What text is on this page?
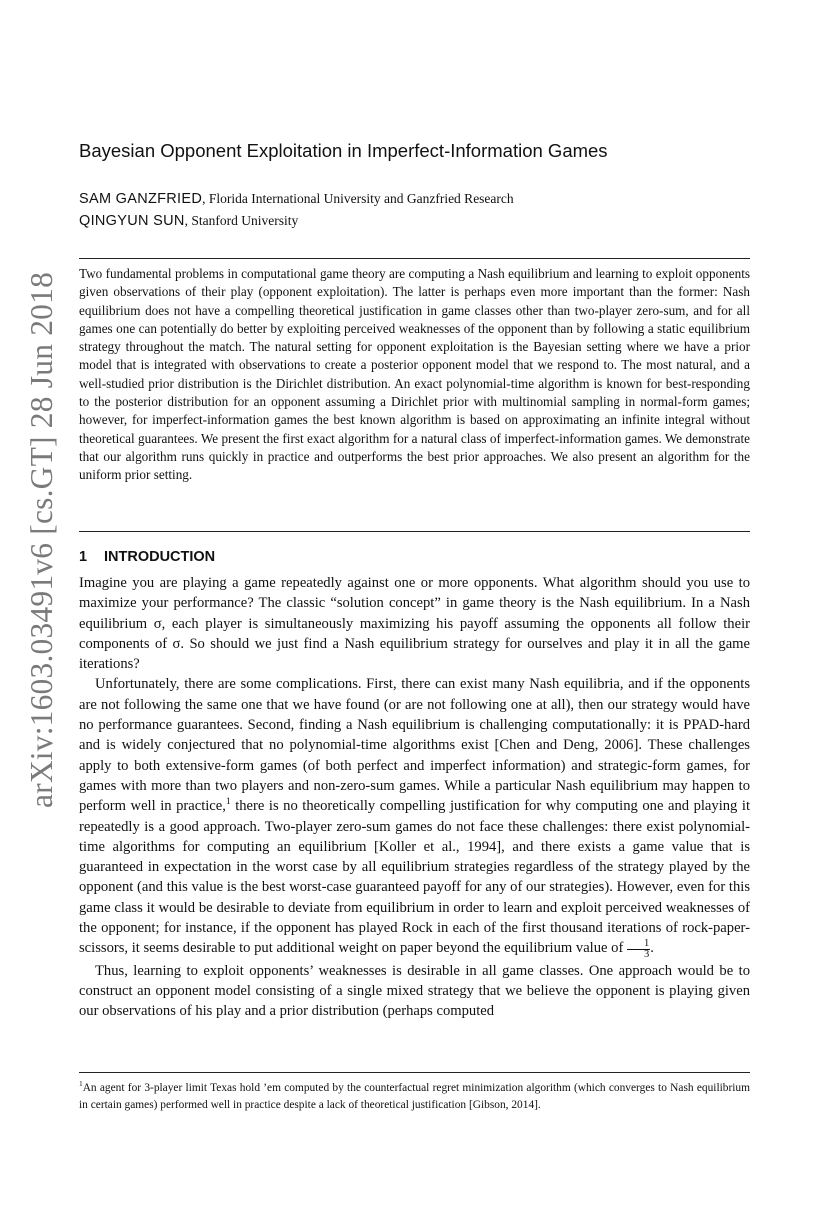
arXiv:1603.03491v6 [cs.GT] 28 Jun 2018
Bayesian Opponent Exploitation in Imperfect-Information Games
SAM GANZFRIED, Florida International University and Ganzfried Research
QINGYUN SUN, Stanford University
Two fundamental problems in computational game theory are computing a Nash equilibrium and learning to exploit opponents given observations of their play (opponent exploitation). The latter is perhaps even more important than the former: Nash equilibrium does not have a compelling theoretical justification in game classes other than two-player zero-sum, and for all games one can potentially do better by exploiting perceived weaknesses of the opponent than by following a static equilibrium strategy throughout the match. The natural setting for opponent exploitation is the Bayesian setting where we have a prior model that is integrated with observations to create a posterior opponent model that we respond to. The most natural, and a well-studied prior distribution is the Dirichlet distribution. An exact polynomial-time algorithm is known for best-responding to the posterior distribution for an opponent assuming a Dirichlet prior with multinomial sampling in normal-form games; however, for imperfect-information games the best known algorithm is based on approximating an infinite integral without theoretical guarantees. We present the first exact algorithm for a natural class of imperfect-information games. We demonstrate that our algorithm runs quickly in practice and outperforms the best prior approaches. We also present an algorithm for the uniform prior setting.
1 INTRODUCTION

Imagine you are playing a game repeatedly against one or more opponents. What algorithm should you use to maximize your performance? The classic “solution concept” in game theory is the Nash equilibrium. In a Nash equilibrium σ, each player is simultaneously maximizing his payoff assuming the opponents all follow their components of σ. So should we just find a Nash equilibrium strategy for ourselves and play it in all the game iterations?

Unfortunately, there are some complications. First, there can exist many Nash equilibria, and if the opponents are not following the same one that we have found (or are not following one at all), then our strategy would have no performance guarantees. Second, finding a Nash equilibrium is challenging computationally: it is PPAD-hard and is widely conjectured that no polynomial-time algorithms exist [Chen and Deng, 2006]. These challenges apply to both extensive-form games (of both perfect and imperfect information) and strategic-form games, for games with more than two players and non-zero-sum games. While a particular Nash equilibrium may happen to perform well in practice,$^1$ there is no theoretically compelling justification for why computing one and playing it repeatedly is a good approach. Two-player zero-sum games do not face these challenges: there exist polynomial-time algorithms for computing an equilibrium [Koller et al., 1994], and there exists a game value that is guaranteed in expectation in the worst case by all equilibrium strategies regardless of the strategy played by the opponent (and this value is the best worst-case guaranteed payoff for any of our strategies). However, even for this game class it would be desirable to deviate from equilibrium in order to learn and exploit perceived weaknesses of the opponent; for instance, if the opponent has played Rock in each of the first thousand iterations of rock-paper-scissors, it seems desirable to put additional weight on paper beyond the equilibrium value of $\frac{1}{3}$ .

Thus, learning to exploit opponents’ weaknesses is desirable in all game classes. One approach would be to construct an opponent model consisting of a single mixed strategy that we believe the opponent is playing given our observations of his play and a prior distribution (perhaps computed

$^1$An agent for 3-player limit Texas hold ’em computed by the counterfactual regret minimization algorithm (which converges to Nash equilibrium in certain games) performed well in practice despite a lack of theoretical justification [Gibson, 2014].
